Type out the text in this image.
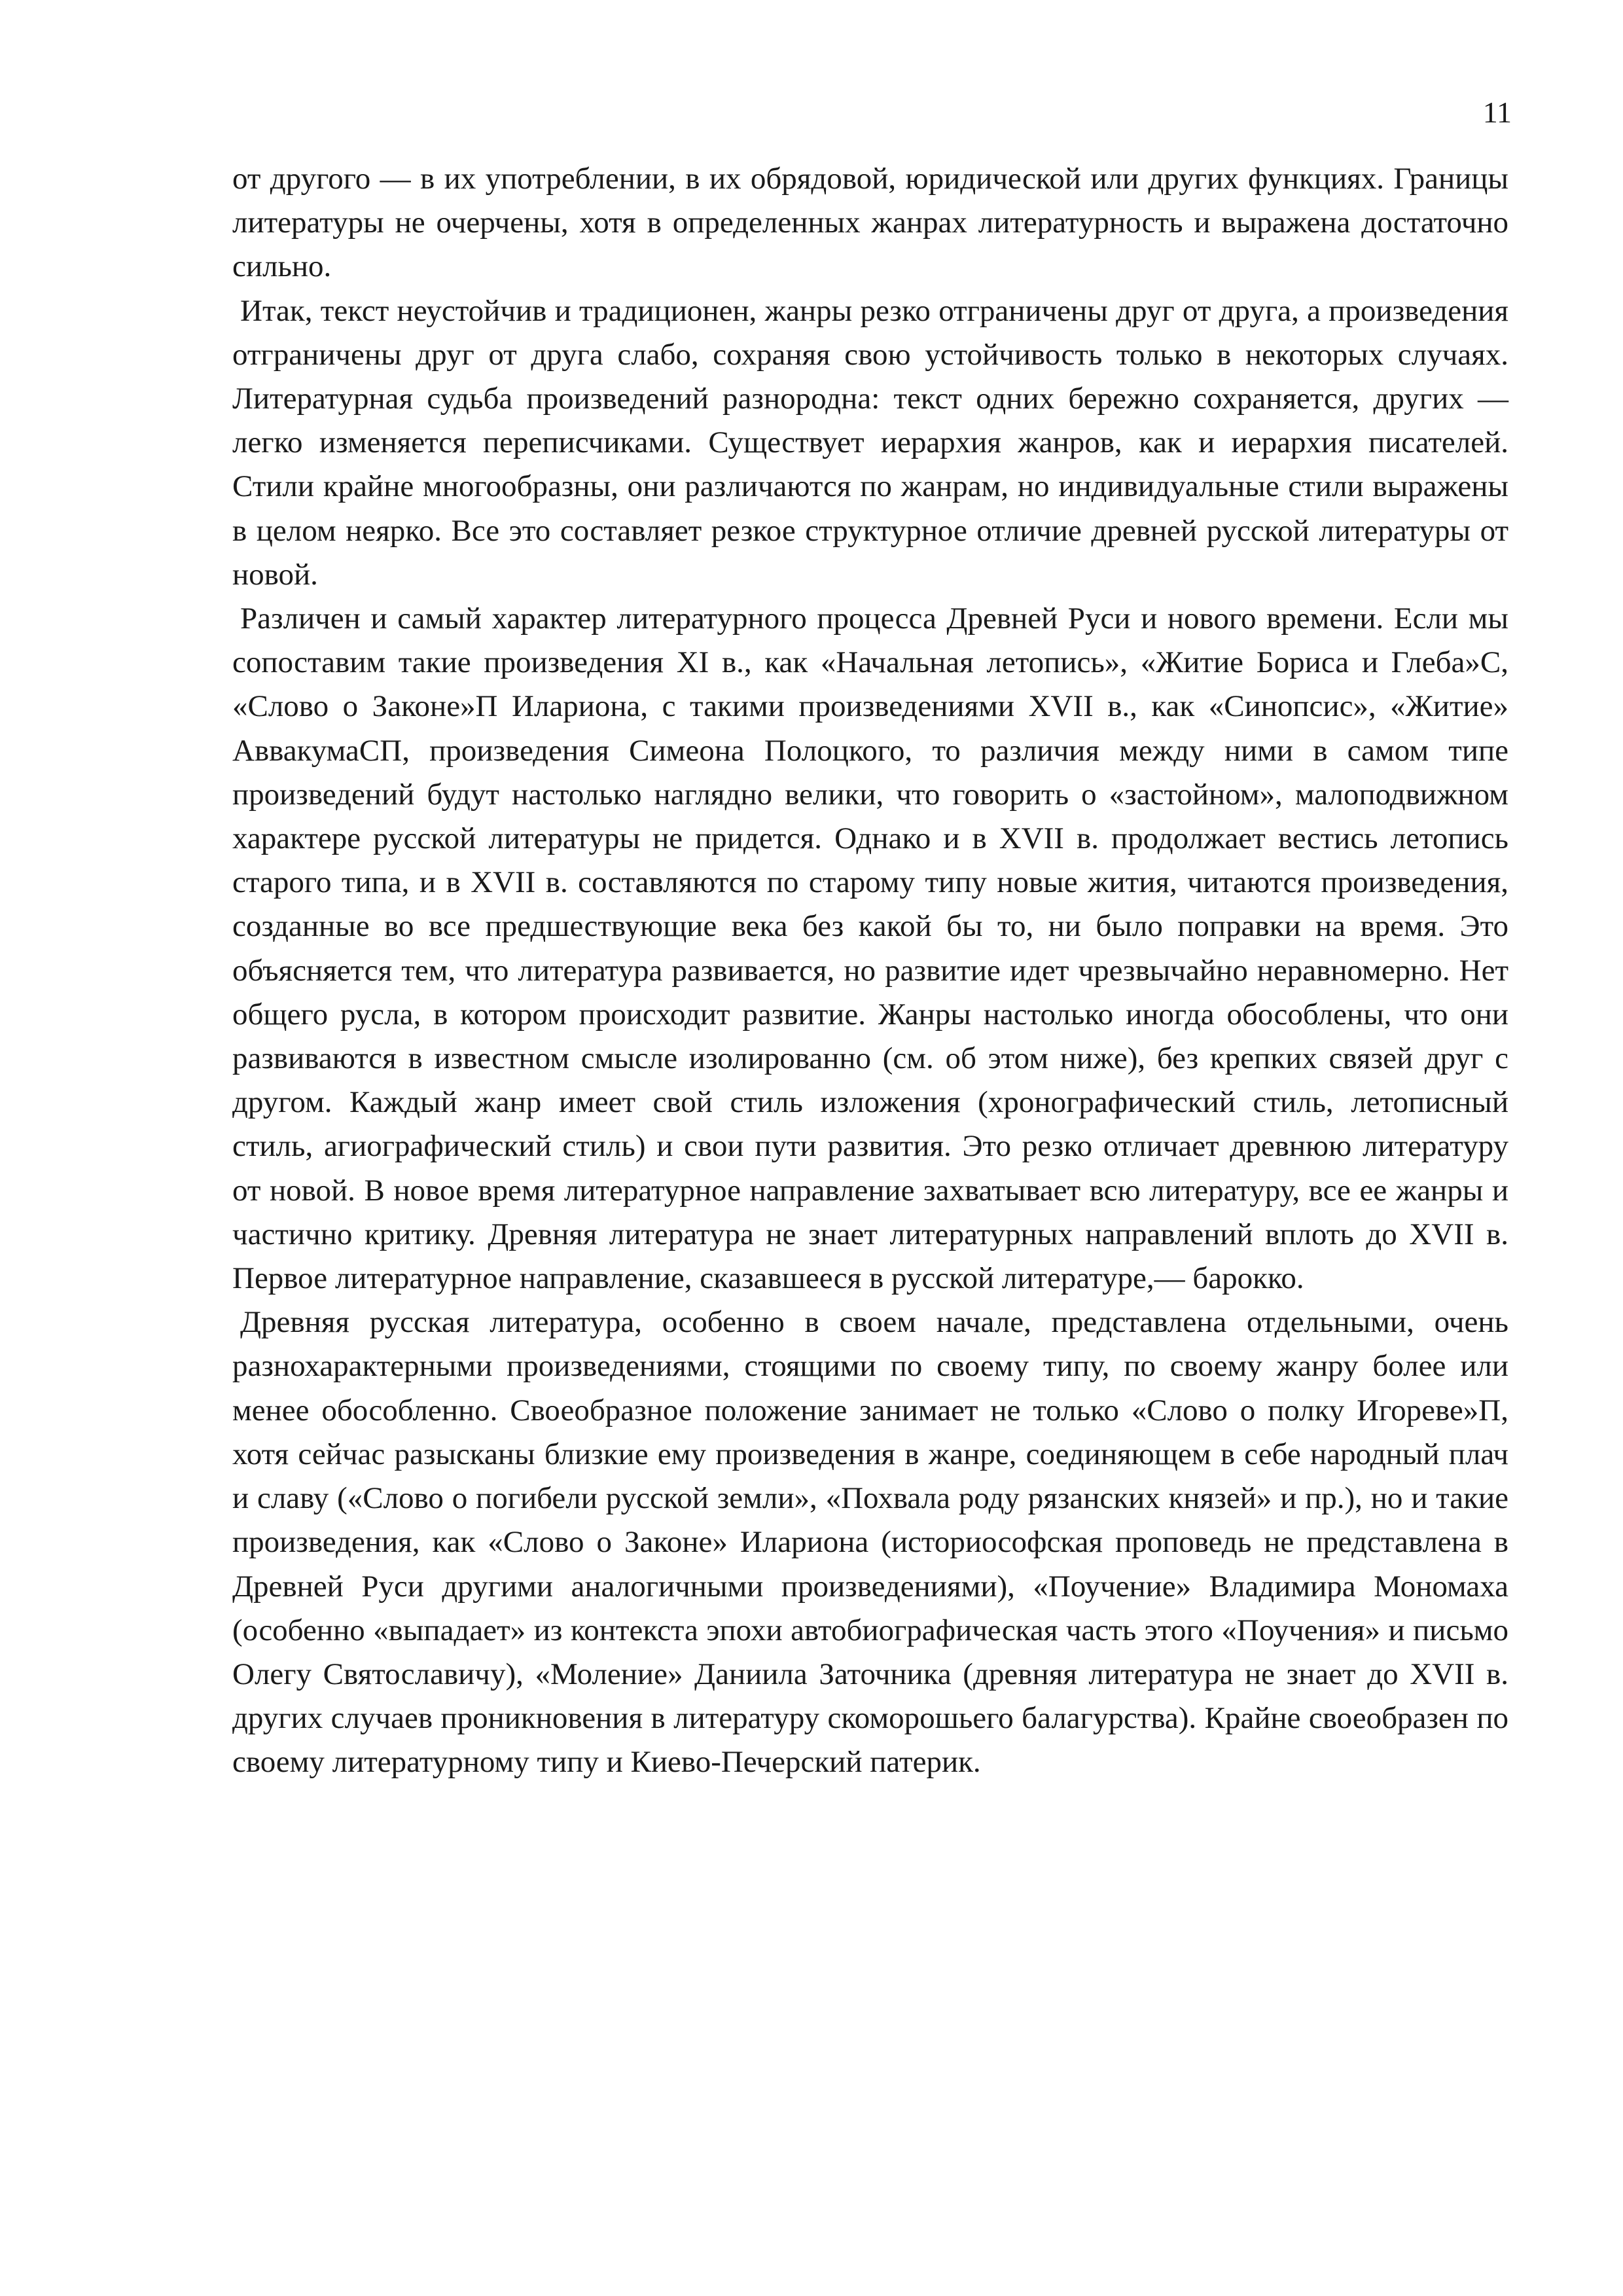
11

от другого — в их употреблении, в их обрядовой, юридической или других функциях. Границы литературы не очерчены, хотя в определенных жанрах литературность и выражена достаточно сильно.

Итак, текст неустойчив и традиционен, жанры резко отграничены друг от друга, а произведения отграничены друг от друга слабо, сохраняя свою устойчивость только в некоторых случаях. Литературная судьба произведений разнородна: текст одних бережно сохраняется, других — легко изменяется переписчиками. Существует иерархия жанров, как и иерархия писателей. Стили крайне многообразны, они различаются по жанрам, но индивидуальные стили выражены в целом неярко. Все это составляет резкое структурное отличие древней русской литературы от новой.

Различен и самый характер литературного процесса Древней Руси и нового времени. Если мы сопоставим такие произведения XI в., как «Начальная летопись», «Житие Бориса и Глеба»С, «Слово о Законе»П Илариона, с такими произведениями XVII в., как «Синопсис», «Житие» АввакумаСП, произведения Симеона Полоцкого, то различия между ними в самом типе произведений будут настолько наглядно велики, что говорить о «застойном», малоподвижном характере русской литературы не придется. Однако и в XVII в. продолжает вестись летопись старого типа, и в XVII в. составляются по старому типу новые жития, читаются произведения, созданные во все предшествующие века без какой бы то, ни было поправки на время. Это объясняется тем, что литература развивается, но развитие идет чрезвычайно неравномерно. Нет общего русла, в котором происходит развитие. Жанры настолько иногда обособлены, что они развиваются в известном смысле изолированно (см. об этом ниже), без крепких связей друг с другом. Каждый жанр имеет свой стиль изложения (хронографический стиль, летописный стиль, агиографический стиль) и свои пути развития. Это резко отличает древнюю литературу от новой. В новое время литературное направление захватывает всю литературу, все ее жанры и частично критику. Древняя литература не знает литературных направлений вплоть до XVII в. Первое литературное направление, сказавшееся в русской литературе,— барокко.

Древняя русская литература, особенно в своем начале, представлена отдельными, очень разнохарактерными произведениями, стоящими по своему типу, по своему жанру более или менее обособленно. Своеобразное положение занимает не только «Слово о полку Игореве»П, хотя сейчас разысканы близкие ему произведения в жанре, соединяющем в себе народный плач и славу («Слово о погибели русской земли», «Похвала роду рязанских князей» и пр.), но и такие произведения, как «Слово о Законе» Илариона (историософская проповедь не представлена в Древней Руси другими аналогичными произведениями), «Поучение» Владимира Мономаха (особенно «выпадает» из контекста эпохи автобиографическая часть этого «Поучения» и письмо Олегу Святославичу), «Моление» Даниила Заточника (древняя литература не знает до XVII в. других случаев проникновения в литературу скоморошьего балагурства). Крайне своеобразен по своему литературному типу и Киево-Печерский патерик.
